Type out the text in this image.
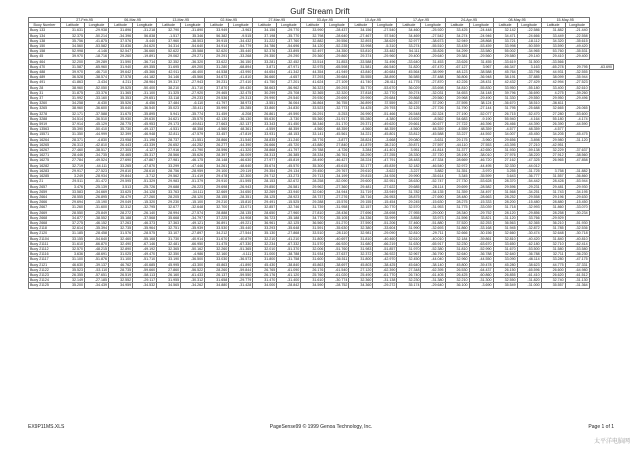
Gulf Stream Drift
	27-Feb-95		06-Mar-95		13-Mar-95		02-Mar-95		27-Mar-95		03-Apr-95		10-Apr-95		17-Apr-95		24-Apr-95		08-May-95		15-May-95		
Buoy Number	Latitude	Longitude	Latitude	Longitude	Latitude	Longitude	Latitude	Longitude	Latitude	Longitude	Latitude	Longitude	Latitude	Longitude	Latitude	Longitude	Latitude	Longitude	Latitude	Longitude	Latitude	Longitude	
Buoy 133	31.631	-29.938	31.896	-31.218	32.790	-31.890	33.949	-3.963	34.156	-29.770	33.990	-28.437	34.156	-27.540	34.460	-25.920	33.425	-24.448	32.142	-22.586	31.882	-21.440	
Buoy 134	32.375	-50.214	-34.396	56.838	-1.517	35.346	56.382	-9.515	37.198	-35.770	32.798	-28.640	-27.467	57.540	34.469	-27.542	34.274	-24.946	34.471	-24.666	33.449	-22.558	
Buoy 138	35.756	-41.875	37.576	-5.440	37.960	-38.503	39.915	-34.432	31.222	-37.760	32.882	-39.556	32.893	-38.629	32.977	-38.673	32.949	-28.868	33.721	-18.112	34.320	-35.615	
Buoy 150	34.560	-53.582	33.836	-54.620	34.314	-54.640	34.914	-54.779	34.786	-54.696	34.120	-52.235	33.998	-5.310	33.274	-55.510	33.439	-53.459	33.998	-50.559	33.590	-49.420	
Buoy 158	52.998	-4.146	52.547	-36.660	52.622	-35.588	52.620	-35.440	52.376	-33.895	52.497	-34.350	53.810	-33.482	54.111	-35.826	54.299	-33.580	55.002	-34.965	53.760	-35.531	
Buoy 45	39.970	-18.716	29.260	-19.891	29.062	-29.271	29.291	-33.268	29.350	-29.290	29.360	-29.860	29.374	-29.960	29.400	-29.640	29.381	-29.560	29.580	-29.140	29.410	-29.400	
Buoy 464	32.200	-39.289	31.590	-36.714	32.352	-36.320	33.622	-36.150	33.281	-32.452	33.514	31.853	-33.588	31.496	-33.640	31.453	-33.626	31.455	-33.619	31.500	-33.566		
Buoy 470	31.587	-65.960	31.940	-69.355	31.695	-69.200	31.280	-68.894	3.871	-67.971	32.975	-65.598	31.581	-66.540	31.820	-67.470	-67.127	3.967	-66.347	3.163	-65.278	29.795	-63.690
Buoy 488	39.970	-46.710	39.642	-45.366	42.911	-46.400	44.538	-43.990	44.654	-41.342	44.354	-41.949	43.840	-40.684	45.564	-38.999	48.123	-38.588	45.764	-33.796	44.931	-32.555	
Buoy 489	36.528	-38.574	37.578	-44.182	34.146	-45.566	34.673	-41.810	36.660	-4.657	37.293	-39.684	35.555	-38.890	36.585	-37.488	36.806	-36.948	38.191	-37.885	38.099	-35.944	
Buoy 491	41.863	-3.434	4.211	-28.964	39.317	-27.943	39.231	-27.410	41.750	-27.201	41.624	-27.109	41.740	-28.411	41.775	-27.870	42.226	-28.431	42.432	-27.429	42.994	-27.523	
Buoy 28	38.960	-52.050	39.525	-50.400	38.210	-51.710	37.870	-59.430	38.663	-56.962	36.323	-59.293	35.770	-53.670	36.029	-53.698	34.810	-55.830	33.950	-55.180	33.400	-52.610	
Buoy 31	31.875	-33.376	31.365	-31.100	31.325	-27.920	29.465	-32.475	30.299	-25.708	32.365	-32.320	37.818	-32.770	39.274	-32.031	34.653	-34.148	39.796	-36.690	4.275	-39.260	
Buoy 37	31.992	-33.160	35.353	-29.651	33.118	-29.233	29.536	-29.313	29.990	-29.540	29.930	-29.690	29.990	-29.684	29.868	-29.560	29.968	-29.490	31.330	-29.550	29.950	-29.496	
Buoy 3260	34.258	-6.430	35.526	-6.456	37.484	-6.110	41.797	38.973	-3.551	36.064	-36.864	36.755	-36.899	37.559	-36.257	37.290	-37.595	38.124	-36.670	38.510	-36.611		
Buoy 3265	38.960	-36.600	35.640	-36.540	35.023	-35.411	35.990	-35.285	33.860	-34.830	33.523	-32.773	34.425	-29.793	32.125	-27.726	31.790	-27.144	31.795	-25.688	32.665	-26.065	
Buoy 3278	32.171	-37.588	31.675	-35.895	5.941	-35.774	31.459	-6.208	26.861	-49.590	26.291	-5.253	26.990	-51.466	26.548	-52.324	27.190	-52.077	26.715	-52.470	27.280	-53.600	
Buoy 3288	34.514	-36.510	35.930	-39.630	34.621	-35.570	42.130	-36.130	55.630	-3.730	55.360	-31.917	55.280	-4.380	43.692	-8.562	54.683	-9.190	55.940	-4.164	55.180	-4.174	
Buoy 5919	37.914	-45.129	28.775	-45.953	29.173	-49.811	27.663	-52.137	33.343	-51.450	38.346	-51.170	29.371	-49.620	29.661	-50.677	27.722	-46.396	26.466	-44.390	26.390	-44.590	
Buoy 13563	35.390	-50.410	35.730	-49.137	-4.531	48.358	-4.560	48.361	-4.559	48.359	-4.560	48.359	-4.560	48.359	-4.560	48.359	-4.559	48.359	-4.577	48.359	-4.577		
Buoy 15571	31.350	-44.999	32.399	-46.948	32.811	-47.579	33.457	-47.819	33.931	-48.153	33.141	-45.561	34.221	-45.801	33.812	-45.588	33.227	-44.592	34.007	-45.450	34.205	-45.475	
Buoy 16264	28.371	-4.830	23.958	-31.196	28.737	-31.551	28.866	-31.540	28.835	-31.240	28.776	-3.877	28.824	-3.668	29.080	-3.631	29.175	-3.960	29.656	-3.898	29.980	-31.120	
Buoy 16265	26.313	-42.810	26.443	-43.339	26.652	-44.252	26.277	-44.390	26.666	-45.720	-43.880	27.840	-41.879	28.210	-39.871	27.597	-44.110	27.553	-43.395	27.210	-42.951		
Buoy 16267	27.460	-38.517	27.305	-4.127	27.916	-41.790	28.596	-41.320	28.868	-41.797	29.788	-4.726	3.284	-41.401	3.951	-41.814	31.377	-42.650	31.930	-59.138	32.229	-37.637	
Buoy 16271	28.446	-34.735	28.465	-35.317	28.566	-35.626	28.397	-36.009	28.313	-36.385	28.334	-36.761	28.290	-37.255	28.330	-37.720	28.190	-38.010	27.976	-38.220	27.912	-38.560	
Buoy 16275	27.784	-49.524	27.690	-47.867	27.981	-46.175	28.148	-46.630	27.977	-45.819	28.490	-46.427	28.224	-47.791	28.483	-47.334	28.669	-46.720	27.162	-47.325	26.965	-47.858	
Buoy 16282	32.719	-44.111	33.265	-47.870	33.299	-47.446	34.261	-48.640	35.674	-45.570	35.300	-45.615	32.177	-45.839	32.182	-46.540	32.972	-44.495	32.330	-44.012			
Buoy 16283	29.917	-27.523	29.810	-28.610	28.756	-28.959	29.100	-29.119	29.354	-29.134	29.450	-29.767	29.610	-3.622	-3.227	3.882	31.351	-3.970	3.255	-31.725	3.758	-31.882	
Buoy 16285	3.249	-28.934	29.844	-3.712	29.562	-31.419	29.478	-32.300	29.712	-33.273	29.713	-34.199	29.815	-34.926	29.990	-35.614	3.345	-35.599	3.643	-36.777	31.557	-36.860	
Buoy 21	29.511	-51.472	29.595	-51.329	29.983	-51.379	29.910	-51.595	28.153	-52.672	28.258	-52.090	29.600	-52.951	28.630	-52.747	27.730	-53.628	28.370	-54.442	28.428	-53.944	
Buoy 2657	3.476	-25.139	3.513	-25.726	29.688	-26.223	29.698	-26.943	29.850	-26.581	29.962	-27.360	29.481	-27.622	29.685	-28.114	29.699	-28.582	29.596	-29.231	29.481	-29.930	
Buoy 2659	33.583	-34.669	33.625	-34.128	33.763	-34.111	32.669	-34.650	32.269	-33.940	32.040	-34.944	31.719	-33.949	31.782	-34.135	31.359	-34.497	31.568	-34.251	31.743	-34.195	
Buoy 2664	28.555	-26.895	28.479	-27.260	28.205	-28.120	28.155	-28.351	28.125	-28.923	28.737	-27.276	28.716	-26.953	28.875	-27.690	28.480	-28.663	28.252	-29.558	29.196	-29.630	
Buoy 2666	29.694	-15.190	29.049	-15.320	29.230	-15.100	29.210	-15.810	29.491	-15.525	29.288	-15.576	29.155	-15.454	29.245	-15.630	28.275	-15.333	28.200	-15.480	28.880	-15.450	
Buoy 2667	31.260	-31.600	32.312	-32.795	32.677	-32.648	32.700	-33.071	32.857	-32.746	31.739	-31.958	32.157	-30.770	32.570	-31.953	31.775	-33.039	31.718	-32.993	31.860	-33.070	
Buoy 2669	28.550	-25.849	28.272	-26.140	28.994	-27.574	28.888	-28.135	28.650	-27.960	27.810	-28.436	27.696	-28.698	27.955	-29.000	28.340	-29.752	28.120	-29.856	28.258	-30.234	
Buoy 2668	34.877	-38.552	35.188	-37.568	35.668	-34.797	37.225	-34.908	36.723	-35.188	34.770	-35.105	-34.336	33.999	-3.858	33.973	-31.596	33.821	-31.120	33.766	-29.929		
Buoy 2668	37.275	-46.152	37.263	-46.373	37.363	-49.121	36.891	-49.221	36.961	-52.125	36.560	-51.270	37.590	-51.206	37.460	-51.880	37.520	-52.253	36.563	-52.365	36.210	-51.930	
Buoy 2118	32.614	-35.394	32.735	-35.964	32.751	-35.939	33.530	-35.440	33.293	-35.648	31.591	-35.630	32.380	-33.604	31.990	-32.693	31.860	-33.168	31.945	-32.872	31.785	-32.536	
Buoy 2120	31.185	-28.458	31.576	-28.575	33.107	-27.897	34.212	-27.544	35.130	-27.868	33.510	-28.110	32.981	-29.090	32.810	-29.711	32.666	-30.156	32.660	-30.474	32.648	-30.718	
Buoy 21104	33.155	-54.640	32.460	-55.168	31.730	-40.914	31.670	-40.879	32.210	-41.210	31.800	-40.697	31.810	-40.460	32.610	-40.010	32.184	-39.861	32.810	-40.420	31.840	-40.810	
Buoy 21111	31.610	-66.870	32.490	-67.146	32.481	-66.950	31.475	-67.330	32.234	-67.332	31.570	-66.920	31.680	-66.219	31.630	-65.917	32.230	-63.670	33.650	-62.180	32.710	-62.414	
Buoy 21112	32.570	-48.215	32.890	-49.192	32.365	-50.162	32.260	-51.365	32.010	-51.370	32.006	-51.760	31.983	-51.857	31.970	-52.380	31.810	-52.990	31.670	-53.500	31.580	-53.580	
Buoy 21116	3.636	-48.691	31.025	-49.470	32.350	-4.986	32.160	-4.111	31.000	-38.788	31.934	-37.637	32.372	-36.922	32.967	-36.790	32.640	-36.788	32.640	-36.788	32.711	-36.230	
Buoy 21117	31.100	-51.876	31.100	-51.710	33.190	-36.500	33.030	-36.573	31.800	-31.758	31.600	-36.511	31.800	-42.970	32.450	-44.040	32.960	-44.550	33.090	-46.114	33.280	-47.175	
Buoy 2121	46.630	-39.137	46.762	-40.685	45.995	-43.300	45.863	-41.890	45.430	-38.840	45.863	-38.697	45.803	-38.425	45.640	-38.140	45.800	-39.478	45.280	-38.623	44.775	-37.331	
Buoy 21122	35.523	-53.110	28.735	-59.660	27.860	-56.522	28.260	-59.844	26.765	-61.090	26.176	-61.540	27.120	-62.390	27.348	-62.395	26.530	-64.437	26.150	-65.596	26.600	-64.980	
Buoy 21123	26.355	-57.651	26.519	-58.113	26.160	-61.433	26.137	-59.550	26.176	-61.120	25.760	-61.020	25.490	-61.770	26.740	-61.405	26.425	-60.860	26.855	-61.410	26.620	-61.512	
Buoy 21124	32.149	-27.185	32.552	-29.117	31.955	-30.312	31.658	-29.779	31.470	-31.400	31.610	-30.774	32.360	-31.138	32.230	-31.380	32.210	-31.300	32.550	-31.820	32.740	-31.130	
Buoy 21125	35.200	-34.439	34.959	-34.532	34.565	-34.262	34.880	-31.428	34.000	-28.842	34.590	-28.752	34.360	-29.272	35.174	-29.640	36.100	-3.690	35.549	-31.000	35.557	-31.364	
EX9P11MS.XLS	PageSense99 © 1999 Genoa Technology, Inc.	Page 1 of 1
太平洋电脑网
